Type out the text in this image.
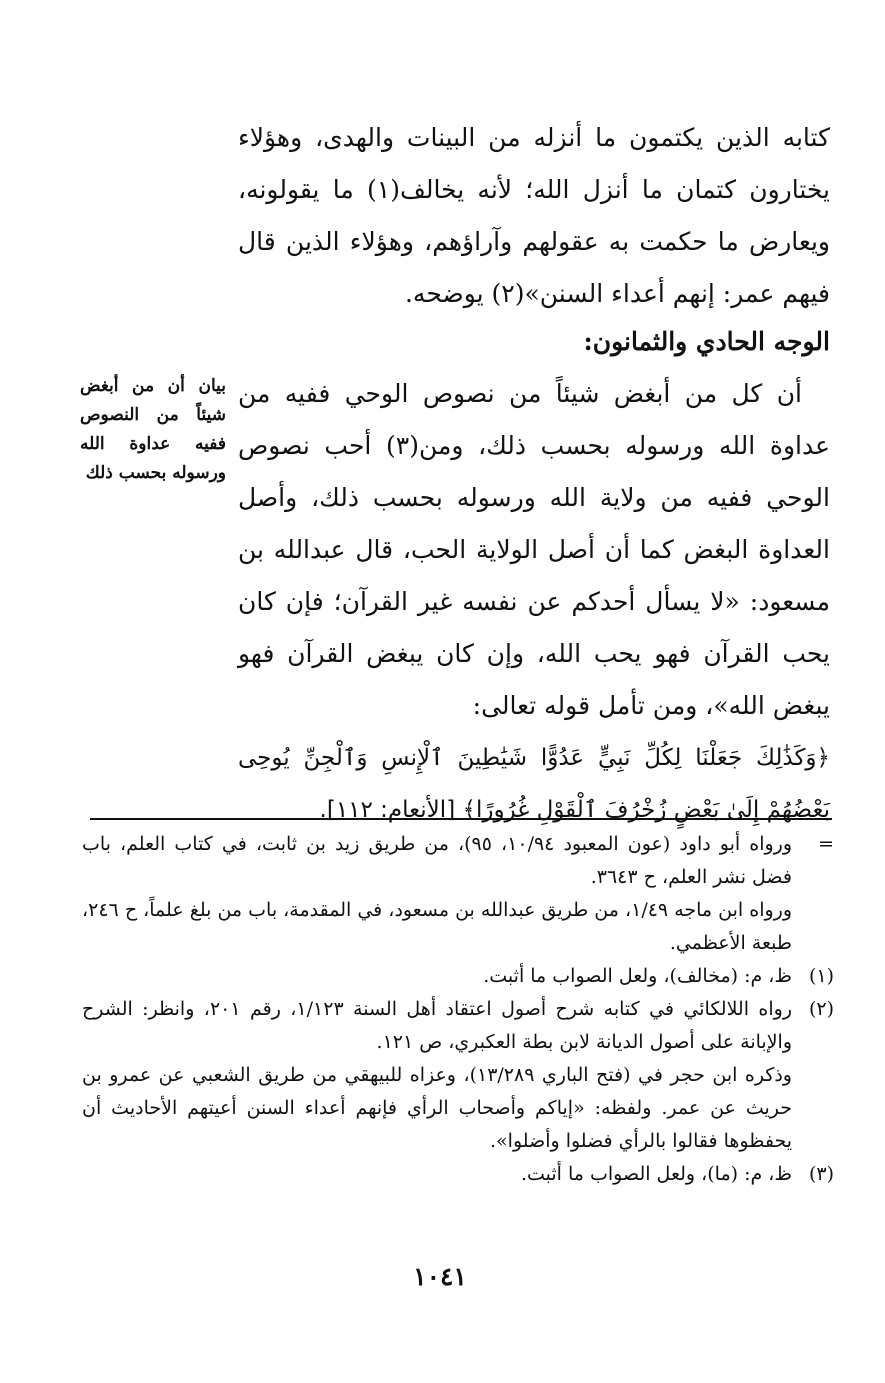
كتابه الذين يكتمون ما أنزله من البينات والهدى، وهؤلاء يختارون كتمان ما أنزل الله؛ لأنه يخالف(١) ما يقولونه، ويعارض ما حكمت به عقولهم وآراؤهم، وهؤلاء الذين قال فيهم عمر: إنهم أعداء السنن»(٢) يوضحه.

الوجه الحادي والثمانون:

أن كل من أبغض شيئاً من نصوص الوحي ففيه من عداوة الله ورسوله بحسب ذلك، ومن(٣) أحب نصوص الوحي ففيه من ولاية الله ورسوله بحسب ذلك، وأصل العداوة البغض كما أن أصل الولاية الحب، قال عبدالله بن مسعود: «لا يسأل أحدكم عن نفسه غير القرآن؛ فإن كان يحب القرآن فهو يحب الله، وإن كان يبغض القرآن فهو يبغض الله»، ومن تأمل قوله تعالى:

﴿وَكَذَٰلِكَ جَعَلْنَا لِكُلِّ نَبِيٍّ عَدُوًّا شَيَٰطِينَ ٱلْإِنسِ وَٱلْجِنِّ يُوحِى بَعْضُهُمْ إِلَىٰ بَعْضٍ زُخْرُفَ ٱلْقَوْلِ غُرُورًا﴾ [الأنعام: ١١٢].

بيان أن من أبغض شيئاً من النصوص ففيه عداوة الله ورسوله بحسب ذلك

=

ورواه أبو داود (عون المعبود ١٠/٩٤، ٩٥)، من طريق زيد بن ثابت، في كتاب العلم، باب فضل نشر العلم، ح ٣٦٤٣.

ورواه ابن ماجه ١/٤٩، من طريق عبدالله بن مسعود، في المقدمة، باب من بلغ علماً، ح ٢٤٦، طبعة الأعظمي.

(١)

ظ، م: (مخالف)، ولعل الصواب ما أثبت.

(٢)

رواه اللالكائي في كتابه شرح أصول اعتقاد أهل السنة ١/١٢٣، رقم ٢٠١، وانظر: الشرح والإبانة على أصول الديانة لابن بطة العكبري، ص ١٢١.

وذكره ابن حجر في (فتح الباري ١٣/٢٨٩)، وعزاه للبيهقي من طريق الشعبي عن عمرو بن حريث عن عمر. ولفظه: «إياكم وأصحاب الرأي فإنهم أعداء السنن أعيتهم الأحاديث أن يحفظوها فقالوا بالرأي فضلوا وأضلوا».

(٣)

ظ، م: (ما)، ولعل الصواب ما أثبت.

١٠٤١
